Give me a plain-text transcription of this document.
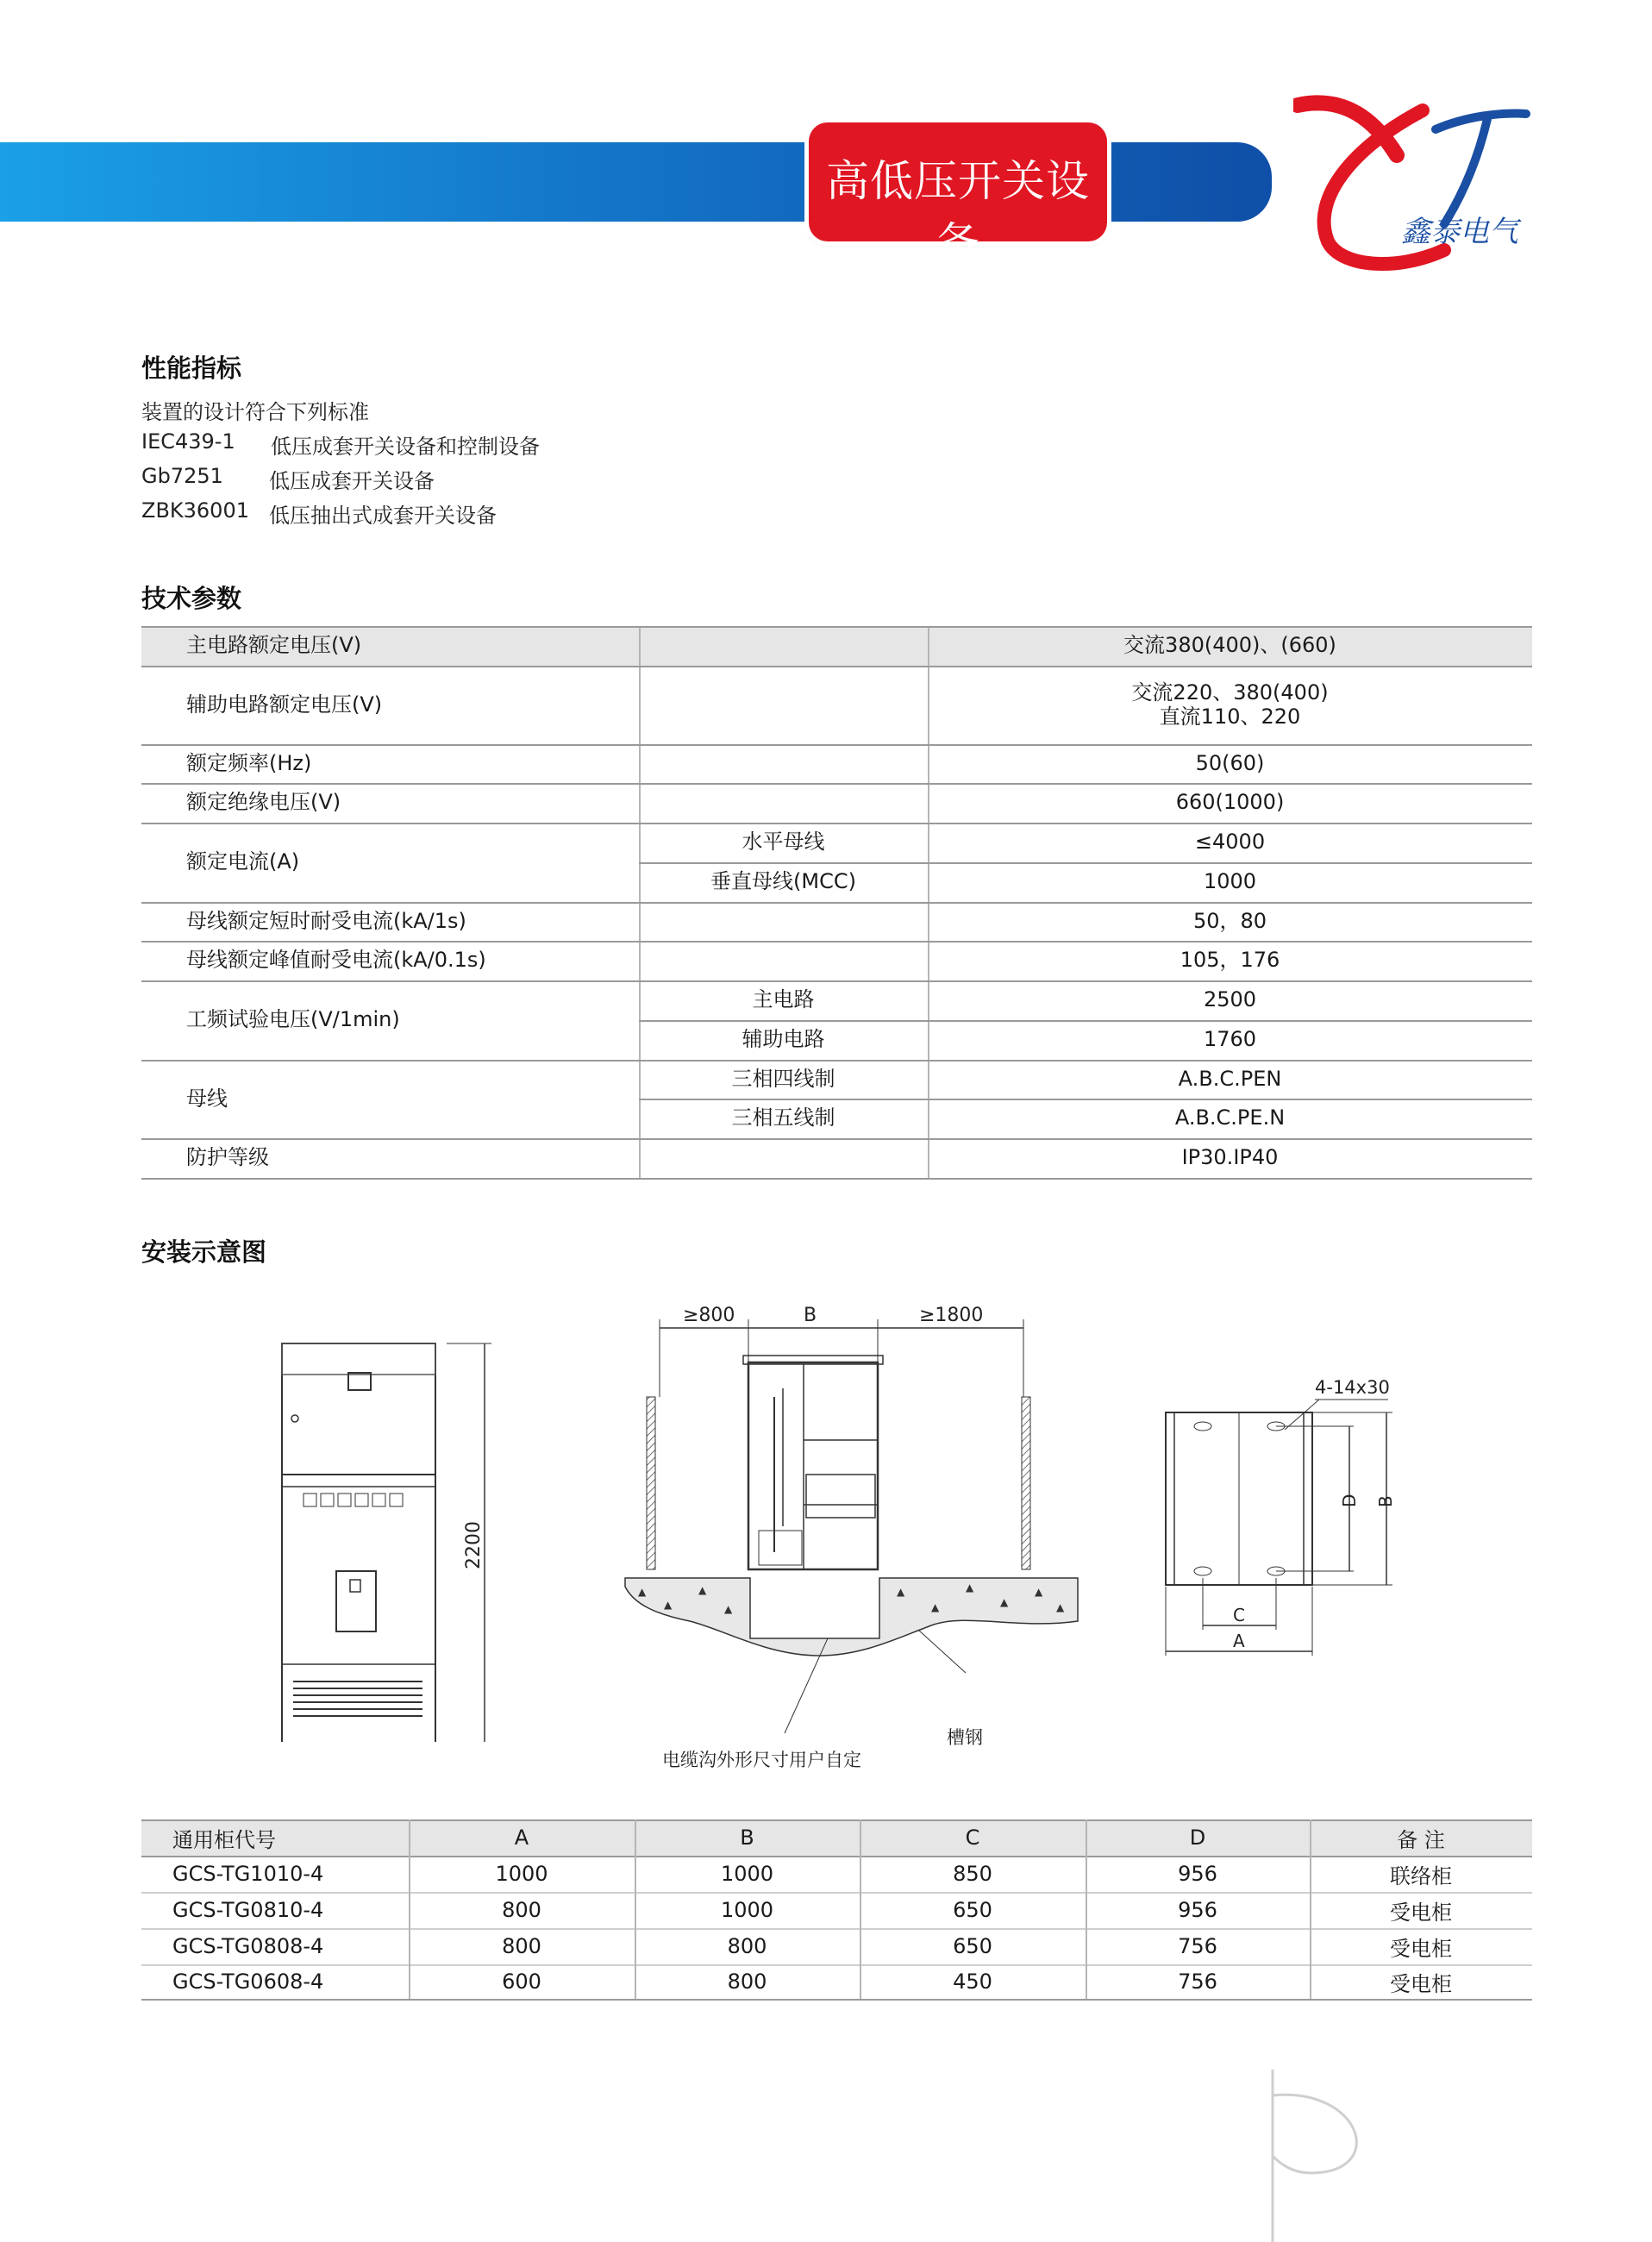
高低压开关设备	鑫泰电气
性能指标
装置的设计符合下列标准
IEC439-1 低压成套开关设备和控制设备
Gb7251 低压成套开关设备
ZBK36001 低压抽出式成套开关设备
技术参数
主电路额定电压(V)	交流380(400)、(660)
辅助电路额定电压(V)	交流220、380(400)
直流110、220
额定频率(Hz)	50(60)
额定绝缘电压(V)	660(1000)
额定电流(A)
水平母线	≤4000
垂直母线(MCC)	1000
母线额定短时耐受电流(kA/1s)	50，80
母线额定峰值耐受电流(kA/0.1s)	105，176
工频试验电压(V/1min)
主电路	2500
辅助电路	1760
母线
三相四线制	A.B.C.PEN
三相五线制	A.B.C.PE.N
防护等级	IP30.IP40
安装示意图
2200
≥800	B	≥1800
▲
▲
▲
▲
▲
▲
▲
▲
▲
▲
电缆沟外形尺寸用户自定
槽钢
4-14x30
D B
C
A
通用柜代号	A	B	C	D	备 注
GCS-TG1010-4	1000	1000	850	956	联络柜
GCS-TG0810-4	800	1000	650	956	受电柜
GCS-TG0808-4	800	800	650	756	受电柜
GCS-TG0608-4	600	800	450	756	受电柜
